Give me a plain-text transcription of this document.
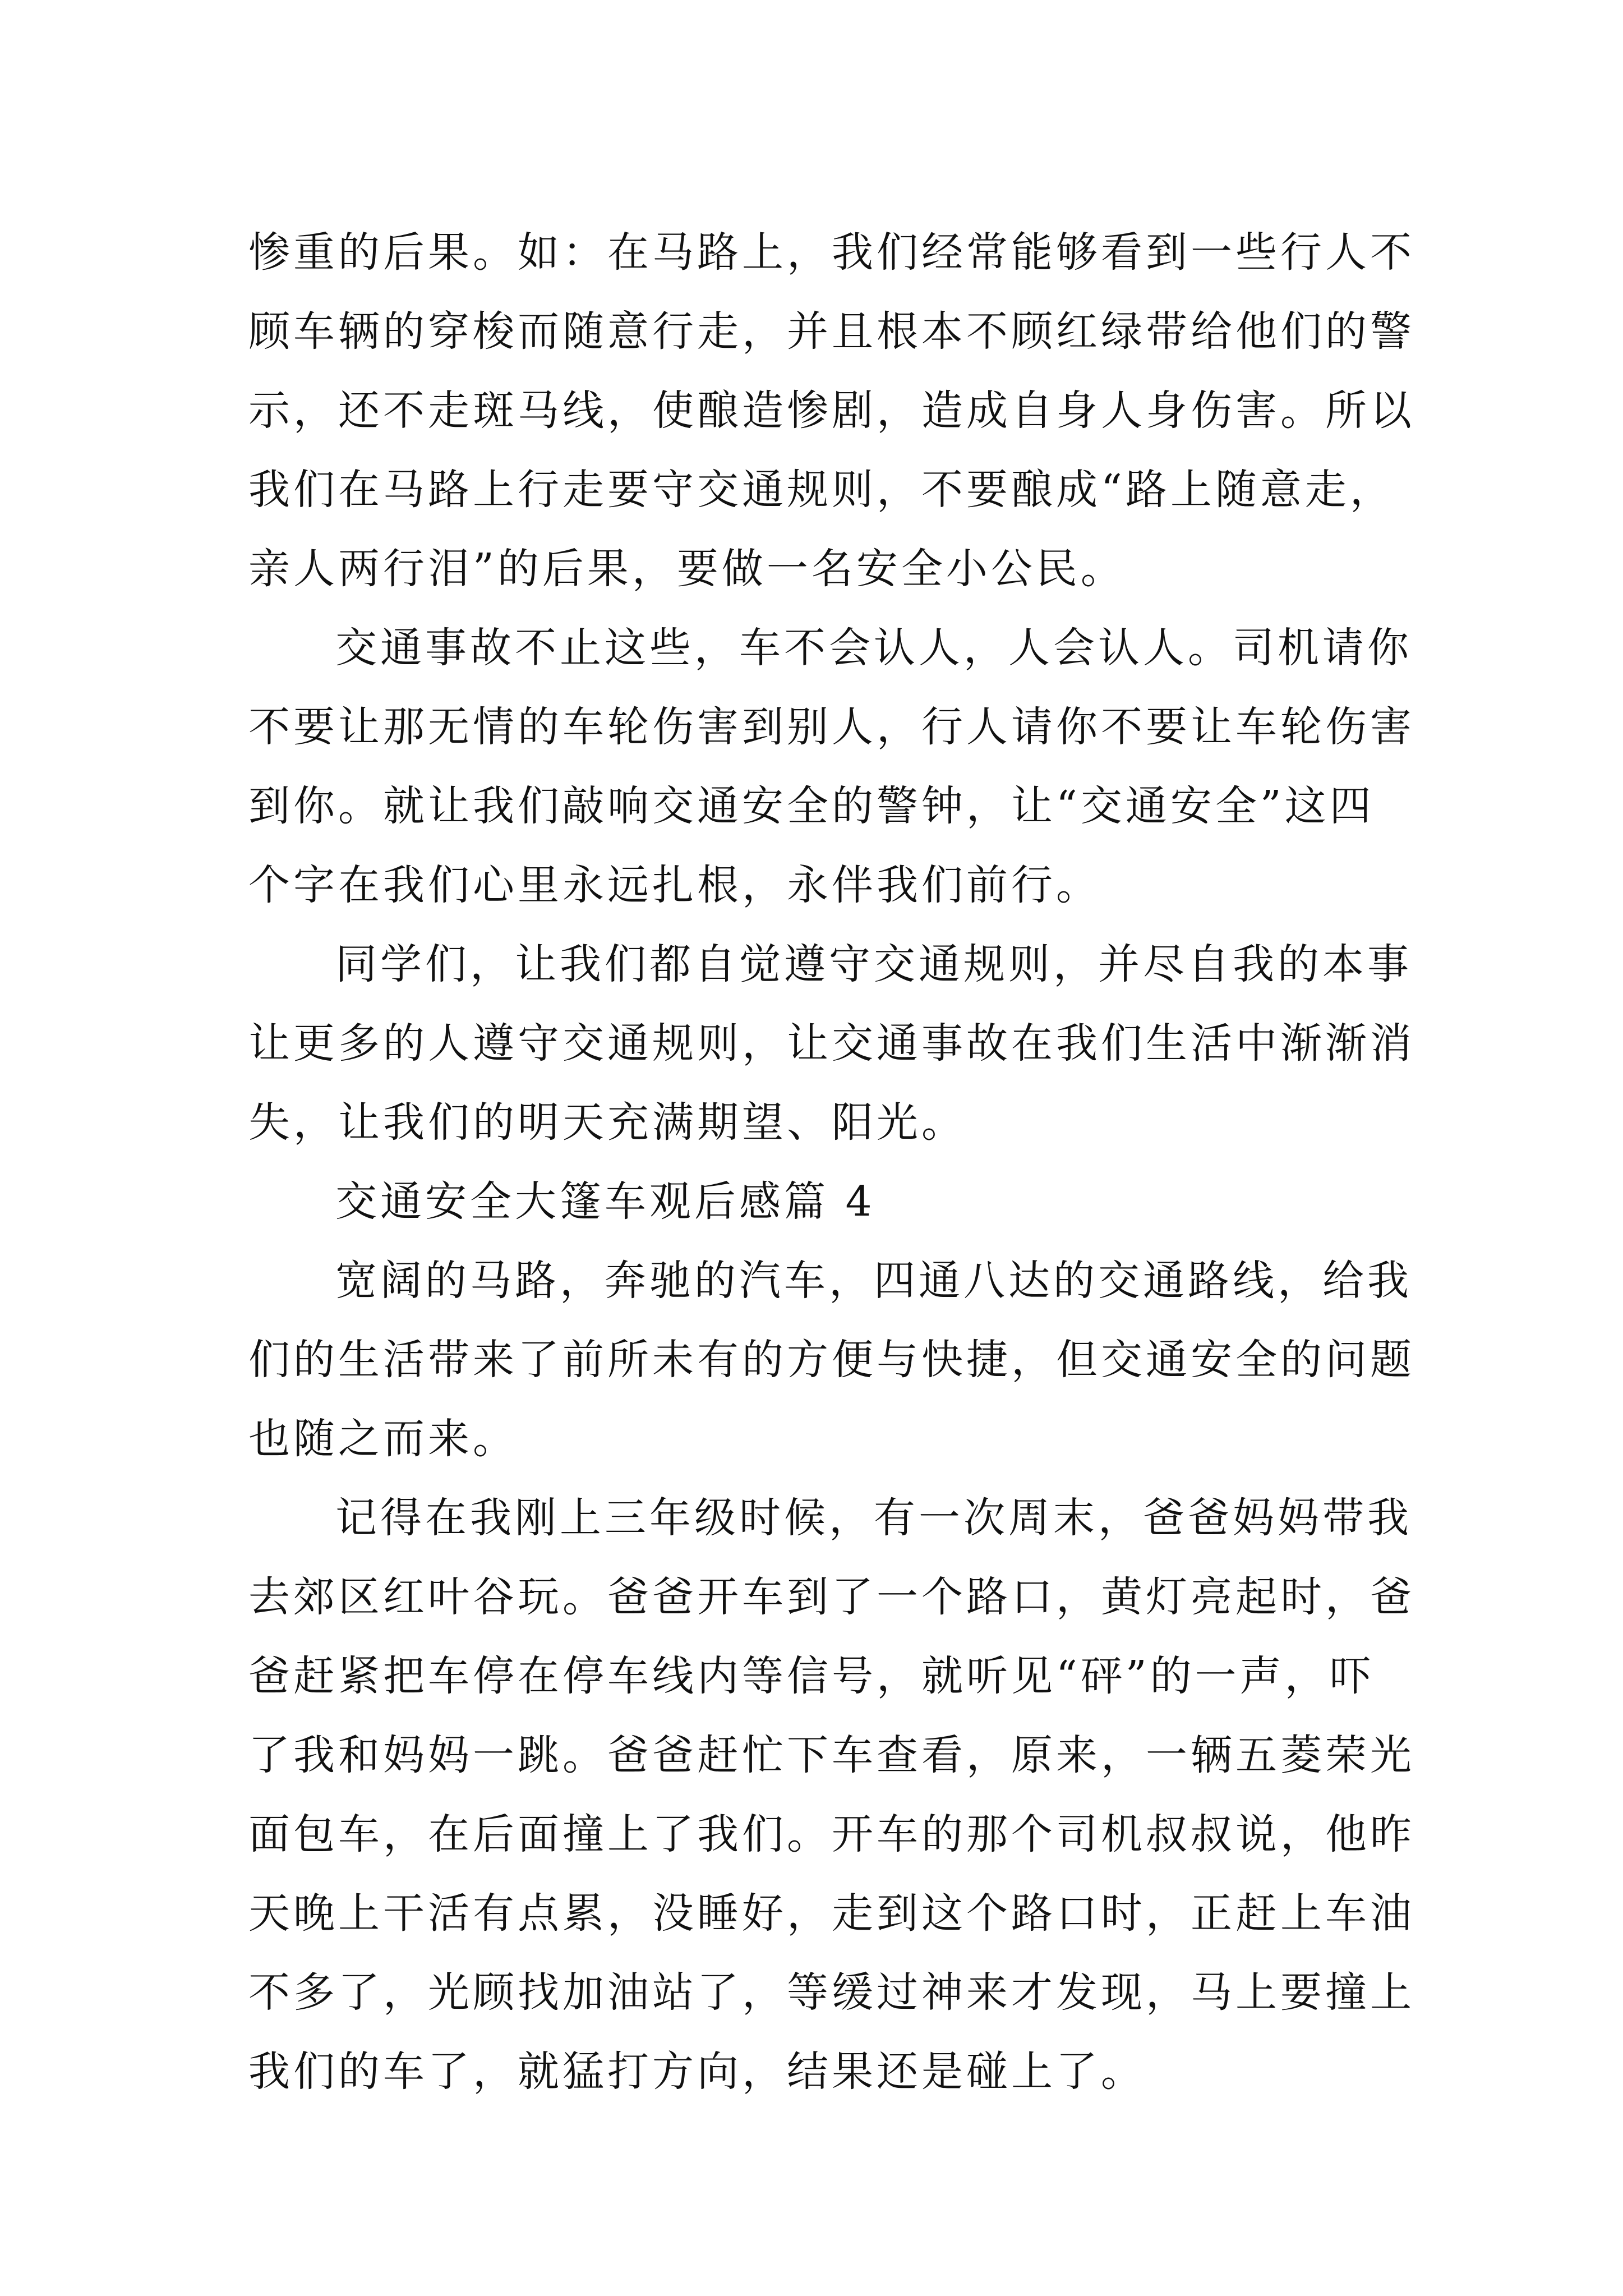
惨重的后果。如：在马路上，我们经常能够看到一些行人不
顾车辆的穿梭而随意行走，并且根本不顾红绿带给他们的警
示，还不走斑马线，使酿造惨剧，造成自身人身伤害。所以
我们在马路上行走要守交通规则，不要酿成“路上随意走，
亲人两行泪”的后果，要做一名安全小公民。
交通事故不止这些，车不会认人，人会认人。司机请你
不要让那无情的车轮伤害到别人，行人请你不要让车轮伤害
到你。就让我们敲响交通安全的警钟，让“交通安全”这四
个字在我们心里永远扎根，永伴我们前行。
同学们，让我们都自觉遵守交通规则，并尽自我的本事
让更多的人遵守交通规则，让交通事故在我们生活中渐渐消
失，让我们的明天充满期望、阳光。
交通安全大篷车观后感篇 4
宽阔的马路，奔驰的汽车，四通八达的交通路线，给我
们的生活带来了前所未有的方便与快捷，但交通安全的问题
也随之而来。
记得在我刚上三年级时候，有一次周末，爸爸妈妈带我
去郊区红叶谷玩。爸爸开车到了一个路口，黄灯亮起时，爸
爸赶紧把车停在停车线内等信号，就听见“砰”的一声，吓
了我和妈妈一跳。爸爸赶忙下车查看，原来，一辆五菱荣光
面包车，在后面撞上了我们。开车的那个司机叔叔说，他昨
天晚上干活有点累，没睡好，走到这个路口时，正赶上车油
不多了，光顾找加油站了，等缓过神来才发现，马上要撞上
我们的车了，就猛打方向，结果还是碰上了。
